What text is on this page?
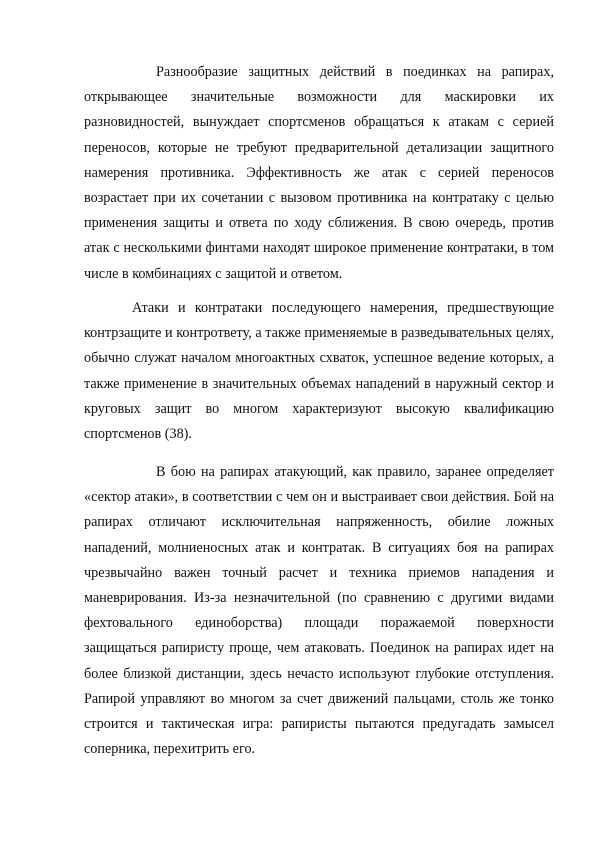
Разнообразие защитных действий в поединках на рапирах, открывающее значительные возможности для маскировки их разновидностей, вынуждает спортсменов обращаться к атакам с серией переносов, которые не требуют предварительной детализации защитного намерения противника. Эффективность же атак с серией переносов возрастает при их сочетании с вызовом противника на контратаку с целью применения защиты и ответа по ходу сближения. В свою очередь, против атак с несколькими финтами находят широкое применение контратаки, в том числе в комбинациях с защитой и ответом.
Атаки и контратаки последующего намерения, предшествующие контрзащите и контрответу, а также применяемые в разведывательных целях, обычно служат началом многоактных схваток, успешное ведение которых, а также применение в значительных объемах нападений в наружный сектор и круговых защит во многом характеризуют высокую квалификацию спортсменов (38).
В бою на рапирах атакующий, как правило, заранее определяет «сектор атаки», в соответствии с чем он и выстраивает свои действия. Бой на рапирах отличают исключительная напряженность, обилие ложных нападений, молниеносных атак и контратак. В ситуациях боя на рапирах чрезвычайно важен точный расчет и техника приемов нападения и маневрирования. Из-за незначительной (по сравнению с другими видами фехтовального единоборства) площади поражаемой поверхности защищаться рапиристу проще, чем атаковать. Поединок на рапирах идет на более близкой дистанции, здесь нечасто используют глубокие отступления. Рапирой управляют во многом за счет движений пальцами, столь же тонко строится и тактическая игра: рапиристы пытаются предугадать замысел соперника, перехитрить его.
